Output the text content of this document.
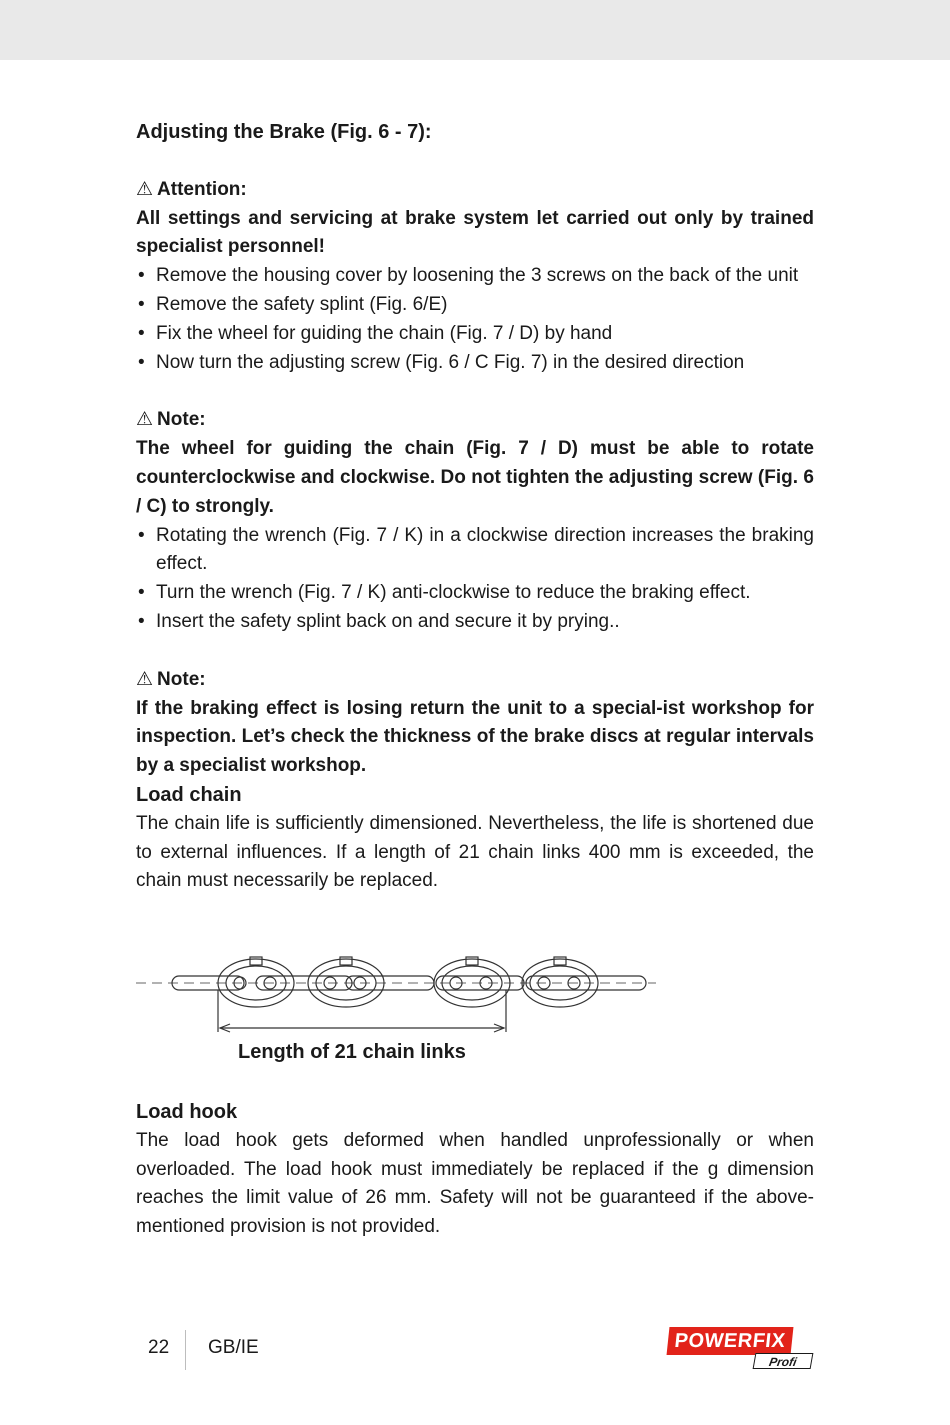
Adjusting the Brake (Fig. 6 - 7):

⚠ Attention:

All settings and servicing at brake system let carried out only by trained specialist personnel!

• Remove the housing cover by loosening the 3 screws on the back of the unit
• Remove the safety splint (Fig. 6/E)
• Fix the wheel for guiding the chain (Fig. 7 / D) by hand
• Now turn the adjusting screw (Fig. 6 / C Fig. 7) in the desired direction
⚠ Note:

The wheel for guiding the chain (Fig. 7 / D) must be able to rotate counterclockwise and clockwise. Do not tighten the adjusting screw (Fig. 6 / C) to strongly.

• Rotating the wrench (Fig. 7 / K) in a clockwise direction increases the braking effect.
• Turn the wrench (Fig. 7 / K) anti-clockwise to reduce the braking effect.
• Insert the safety splint back on and secure it by prying..
⚠ Note:

If the braking effect is losing return the unit to a special-ist workshop for inspection. Let’s check the thickness of the brake discs at regular intervals by a specialist workshop.

Load chain

The chain life is sufficiently dimensioned. Nevertheless, the life is shortened due to external influences. If a length of 21 chain links 400 mm is exceeded, the chain must necessarily be replaced.

Length of 21 chain links

Load hook

The load hook gets deformed when handled unprofessionally or when overloaded. The load hook must immediately be replaced if the g dimension reaches the limit value of 26 mm. Safety will not be guaranteed if the above-mentioned provision is not provided.

22 GB/IE	POWERFIX
Profi
